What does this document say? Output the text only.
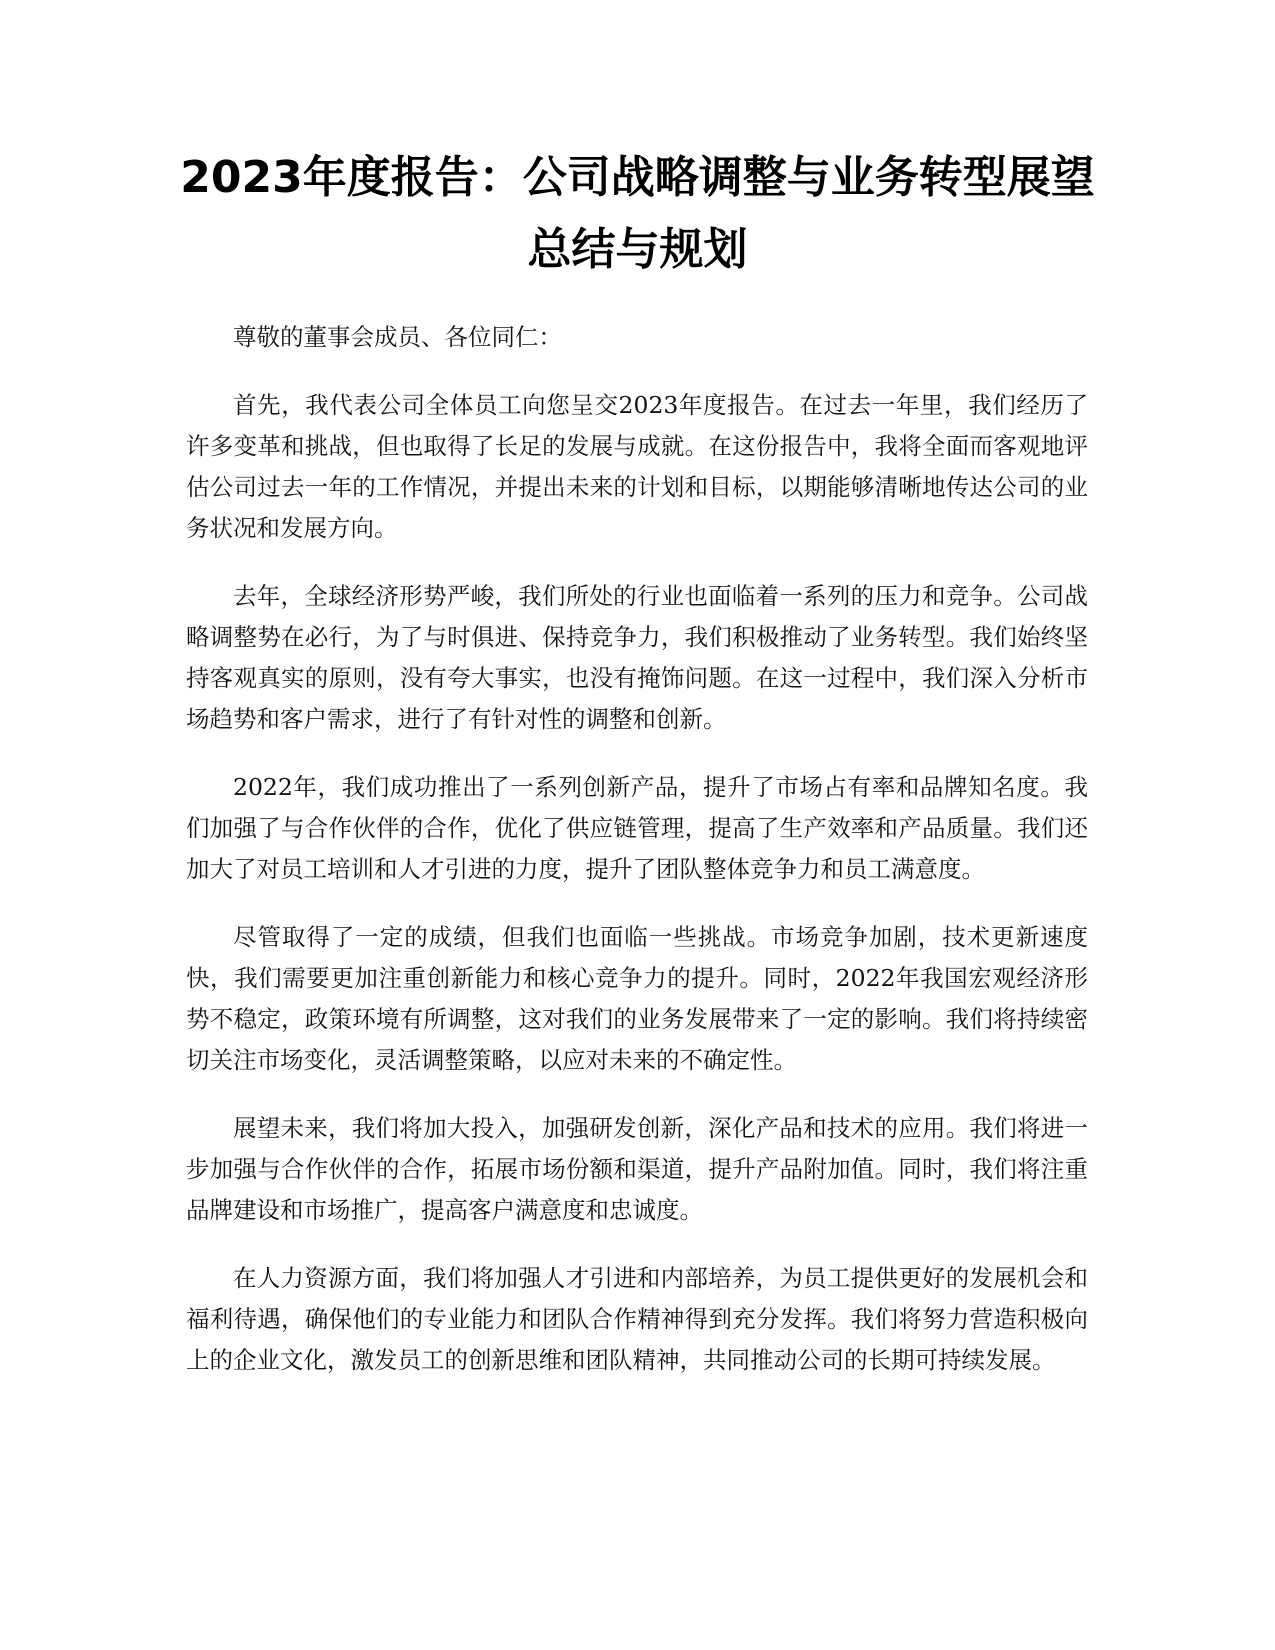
2023年度报告：公司战略调整与业务转型展望总结与规划

尊敬的董事会成员、各位同仁：

首先，我代表公司全体员工向您呈交2023年度报告。在过去一年里，我们经历了许多变革和挑战，但也取得了长足的发展与成就。在这份报告中，我将全面而客观地评估公司过去一年的工作情况，并提出未来的计划和目标，以期能够清晰地传达公司的业务状况和发展方向。

去年，全球经济形势严峻，我们所处的行业也面临着一系列的压力和竞争。公司战略调整势在必行，为了与时俱进、保持竞争力，我们积极推动了业务转型。我们始终坚持客观真实的原则，没有夸大事实，也没有掩饰问题。在这一过程中，我们深入分析市场趋势和客户需求，进行了有针对性的调整和创新。

2022年，我们成功推出了一系列创新产品，提升了市场占有率和品牌知名度。我们加强了与合作伙伴的合作，优化了供应链管理，提高了生产效率和产品质量。我们还加大了对员工培训和人才引进的力度，提升了团队整体竞争力和员工满意度。

尽管取得了一定的成绩，但我们也面临一些挑战。市场竞争加剧，技术更新速度快，我们需要更加注重创新能力和核心竞争力的提升。同时，2022年我国宏观经济形势不稳定，政策环境有所调整，这对我们的业务发展带来了一定的影响。我们将持续密切关注市场变化，灵活调整策略，以应对未来的不确定性。

展望未来，我们将加大投入，加强研发创新，深化产品和技术的应用。我们将进一步加强与合作伙伴的合作，拓展市场份额和渠道，提升产品附加值。同时，我们将注重品牌建设和市场推广，提高客户满意度和忠诚度。

在人力资源方面，我们将加强人才引进和内部培养，为员工提供更好的发展机会和福利待遇，确保他们的专业能力和团队合作精神得到充分发挥。我们将努力营造积极向上的企业文化，激发员工的创新思维和团队精神，共同推动公司的长期可持续发展。
